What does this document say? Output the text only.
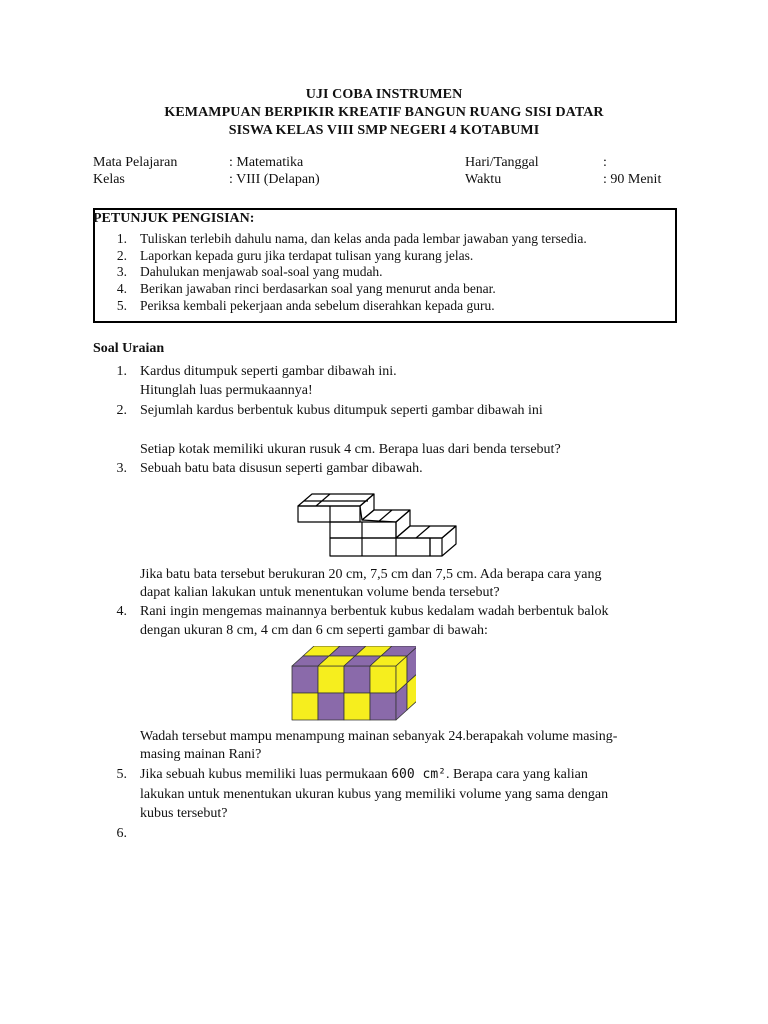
UJI COBA INSTRUMEN
KEMAMPUAN BERPIKIR KREATIF BANGUN RUANG SISI DATAR
SISWA KELAS VIII SMP NEGERI 4 KOTABUMI
Mata Pelajaran	: Matematika	Hari/Tanggal	:
Kelas	: VIII (Delapan)	Waktu	: 90 Menit
PETUNJUK PENGISIAN:
1. Tuliskan terlebih dahulu nama, dan kelas anda pada lembar jawaban yang tersedia.
2. Laporkan kepada guru jika terdapat tulisan yang kurang jelas.
3. Dahulukan menjawab soal-soal yang mudah.
4. Berikan jawaban rinci berdasarkan soal yang menurut anda benar.
5. Periksa kembali pekerjaan anda sebelum diserahkan kepada guru.
Soal Uraian
1. Kardus ditumpuk seperti gambar dibawah ini.
Hitunglah luas permukaannya!
2. Sejumlah kardus berbentuk kubus ditumpuk seperti gambar dibawah ini
Setiap kotak memiliki ukuran rusuk 4 cm. Berapa luas dari benda tersebut?
3. Sebuah batu bata disusun seperti gambar dibawah.
Jika batu bata tersebut berukuran 20 cm, 7,5 cm dan 7,5 cm. Ada berapa cara yang
dapat kalian lakukan untuk menentukan volume benda tersebut?
4. Rani ingin mengemas mainannya berbentuk kubus kedalam wadah berbentuk balok
dengan ukuran 8 cm, 4 cm dan 6 cm seperti gambar di bawah:
Wadah tersebut mampu menampung mainan sebanyak 24.berapakah volume masing-
masing mainan Rani?
5. Jika sebuah kubus memiliki luas permukaan 600 cm². Berapa cara yang kalian
lakukan untuk menentukan ukuran kubus yang memiliki volume yang sama dengan
kubus tersebut?
6.
